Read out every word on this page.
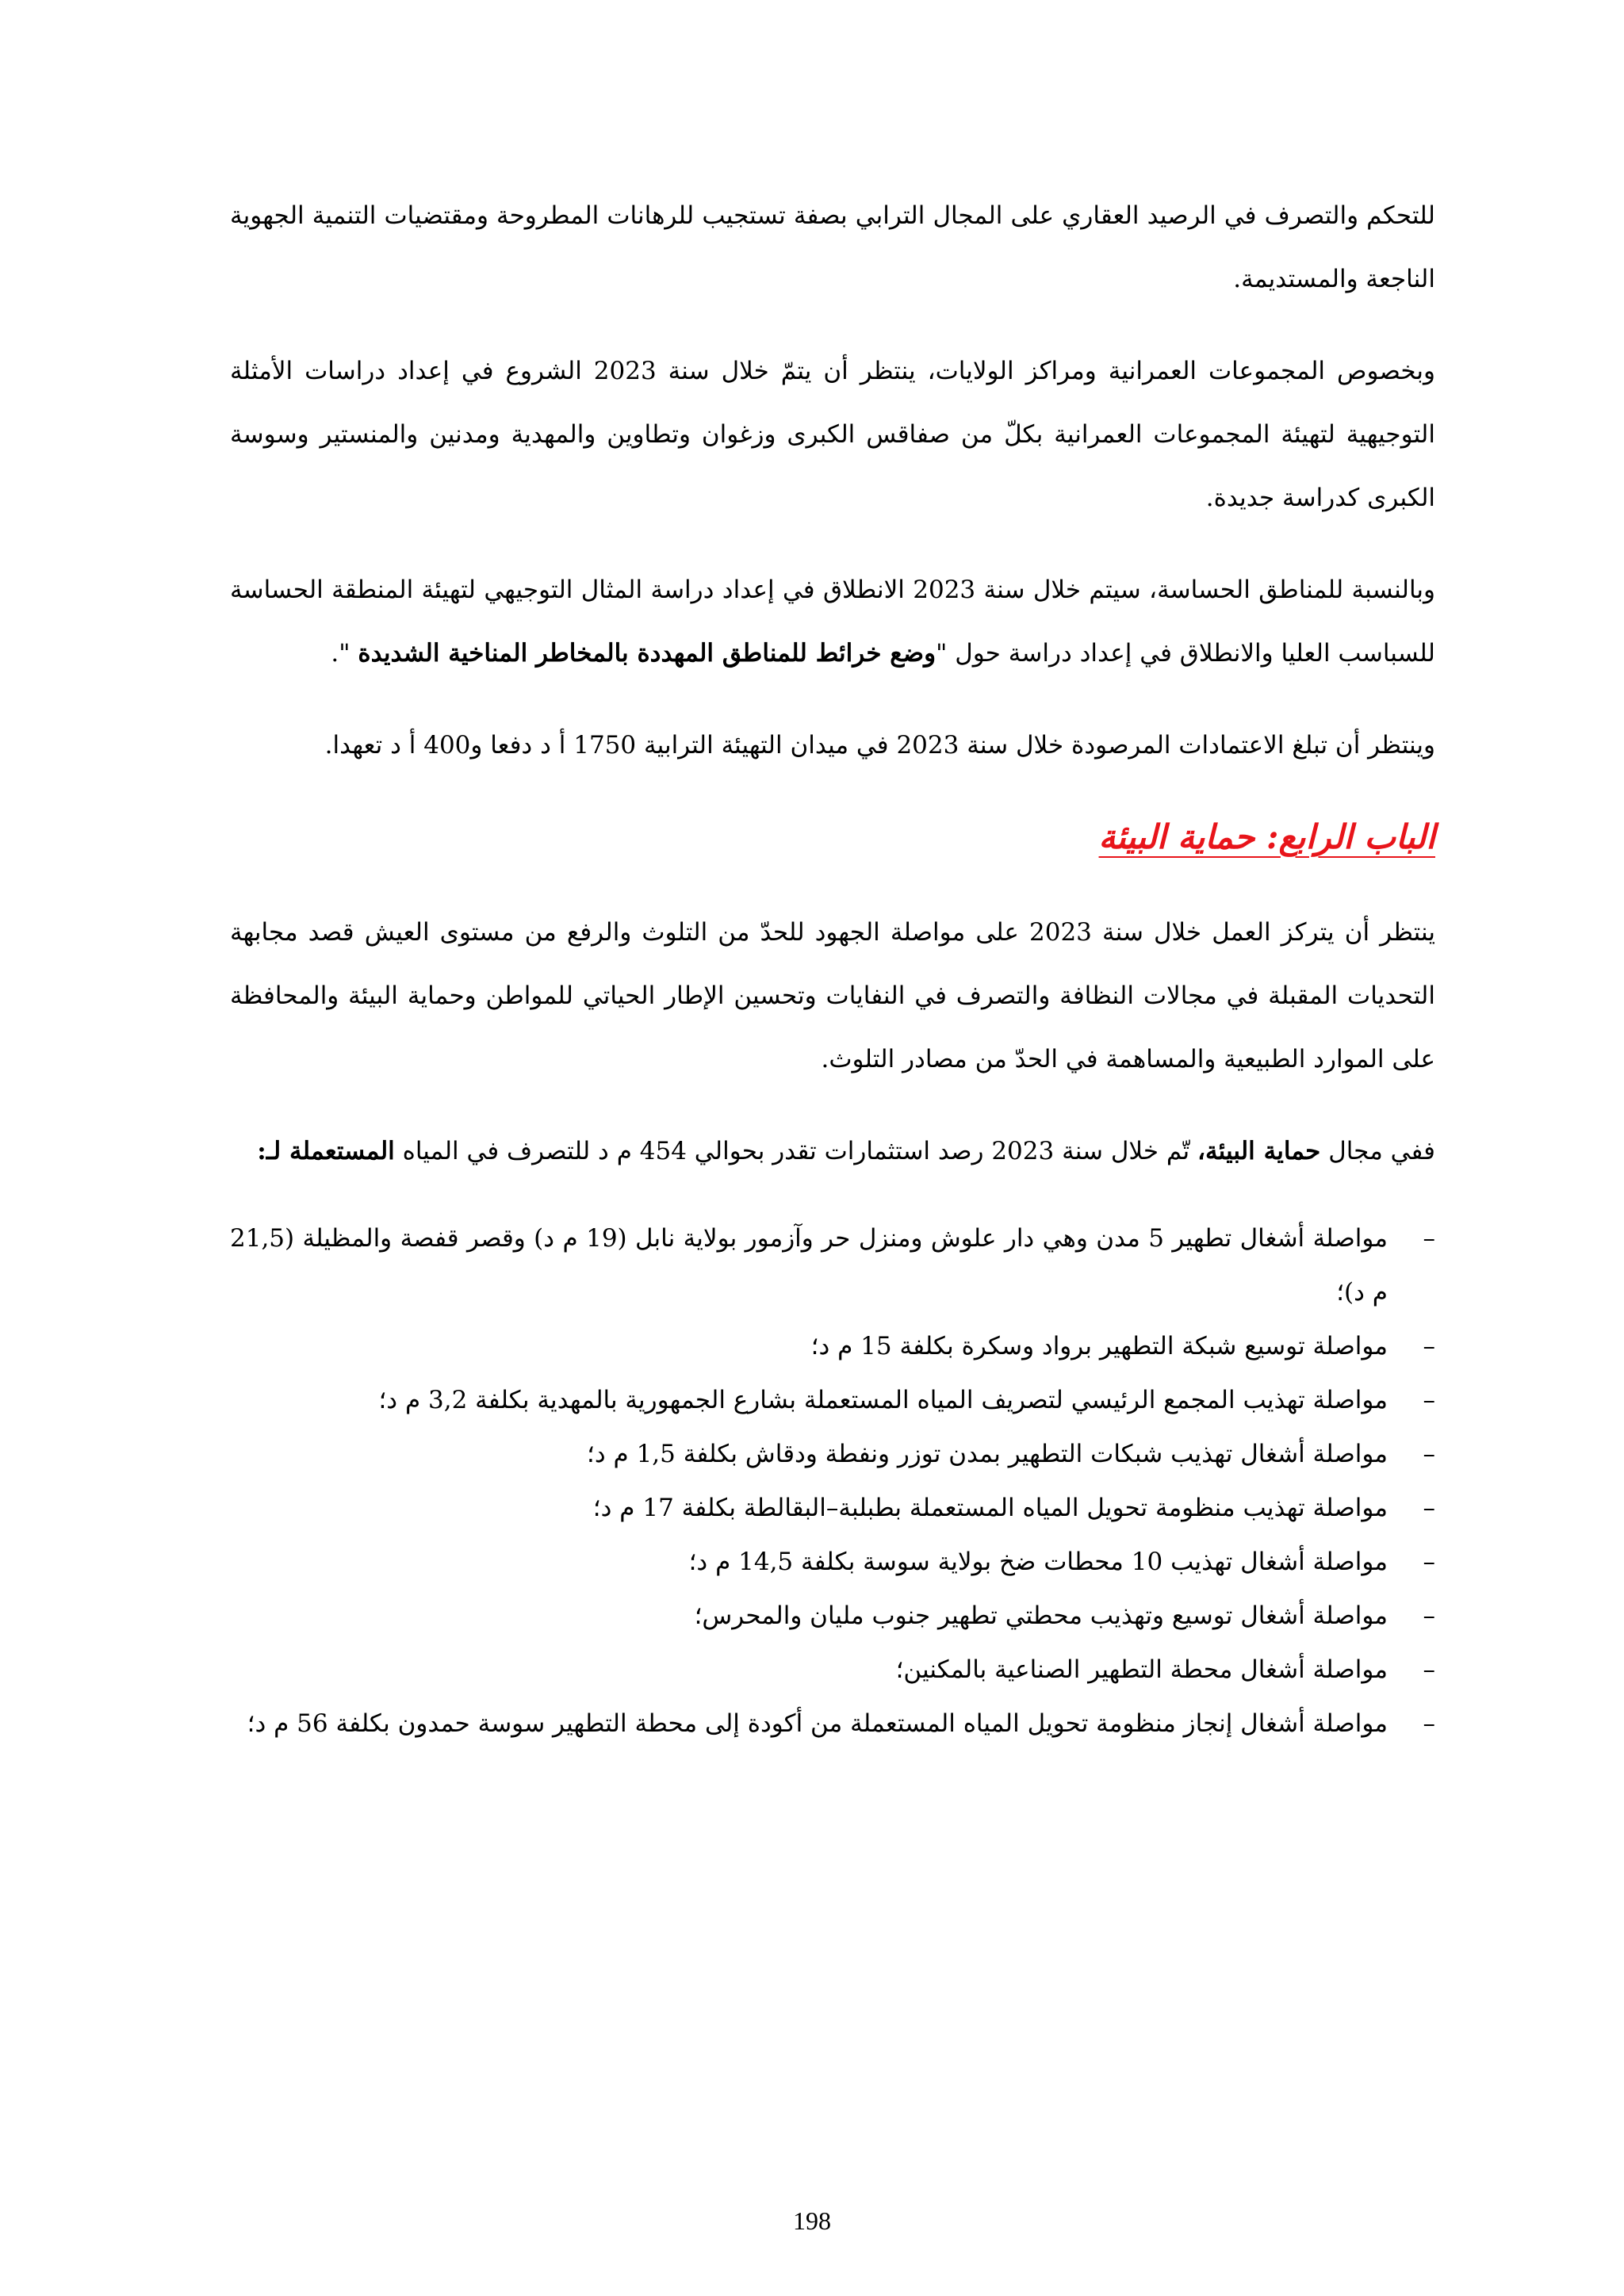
للتحكم والتصرف في الرصيد العقاري على المجال الترابي بصفة تستجيب للرهانات المطروحة ومقتضيات التنمية الجهوية الناجعة والمستديمة.

وبخصوص المجموعات العمرانية ومراكز الولايات، ينتظر أن يتمّ خلال سنة 2023 الشروع في إعداد دراسات الأمثلة التوجيهية لتهيئة المجموعات العمرانية بكلّ من صفاقس الكبرى وزغوان وتطاوين والمهدية ومدنين والمنستير وسوسة الكبرى كدراسة جديدة.

وبالنسبة للمناطق الحساسة، سيتم خلال سنة 2023 الانطلاق في إعداد دراسة المثال التوجيهي لتهيئة المنطقة الحساسة للسباسب العليا والانطلاق في إعداد دراسة حول "وضع خرائط للمناطق المهددة بالمخاطر المناخية الشديدة ".

وينتظر أن تبلغ الاعتمادات المرصودة خلال سنة 2023 في ميدان التهيئة الترابية 1750 أ د دفعا و400 أ د تعهدا.

الباب الرابع: حماية البيئة

ينتظر أن يتركز العمل خلال سنة 2023 على مواصلة الجهود للحدّ من التلوث والرفع من مستوى العيش قصد مجابهة التحديات المقبلة في مجالات النظافة والتصرف في النفايات وتحسين الإطار الحياتي للمواطن وحماية البيئة والمحافظة على الموارد الطبيعية والمساهمة في الحدّ من مصادر التلوث.

ففي مجال حماية البيئة، تّم خلال سنة 2023 رصد استثمارات تقدر بحوالي 454 م د للتصرف في المياه المستعملة لـ:

–
مواصلة أشغال تطهير 5 مدن وهي دار علوش ومنزل حر وآزمور بولاية نابل (19 م د) وقصر قفصة والمظيلة (21,5 م د)؛
–
مواصلة توسيع شبكة التطهير برواد وسكرة بكلفة 15 م د؛
–
مواصلة تهذيب المجمع الرئيسي لتصريف المياه المستعملة بشارع الجمهورية بالمهدية بكلفة 3,2 م د؛
–
مواصلة أشغال تهذيب شبكات التطهير بمدن توزر ونفطة ودقاش بكلفة 1,5 م د؛
–
مواصلة تهذيب منظومة تحويل المياه المستعملة بطبلبة–البقالطة بكلفة 17 م د؛
–
مواصلة أشغال تهذيب 10 محطات ضخ بولاية سوسة بكلفة 14,5 م د؛
–
مواصلة أشغال توسيع وتهذيب محطتي تطهير جنوب مليان والمحرس؛
–
مواصلة أشغال محطة التطهير الصناعية بالمكنين؛
–
مواصلة أشغال إنجاز منظومة تحويل المياه المستعملة من أكودة إلى محطة التطهير سوسة حمدون بكلفة 56 م د؛
198
